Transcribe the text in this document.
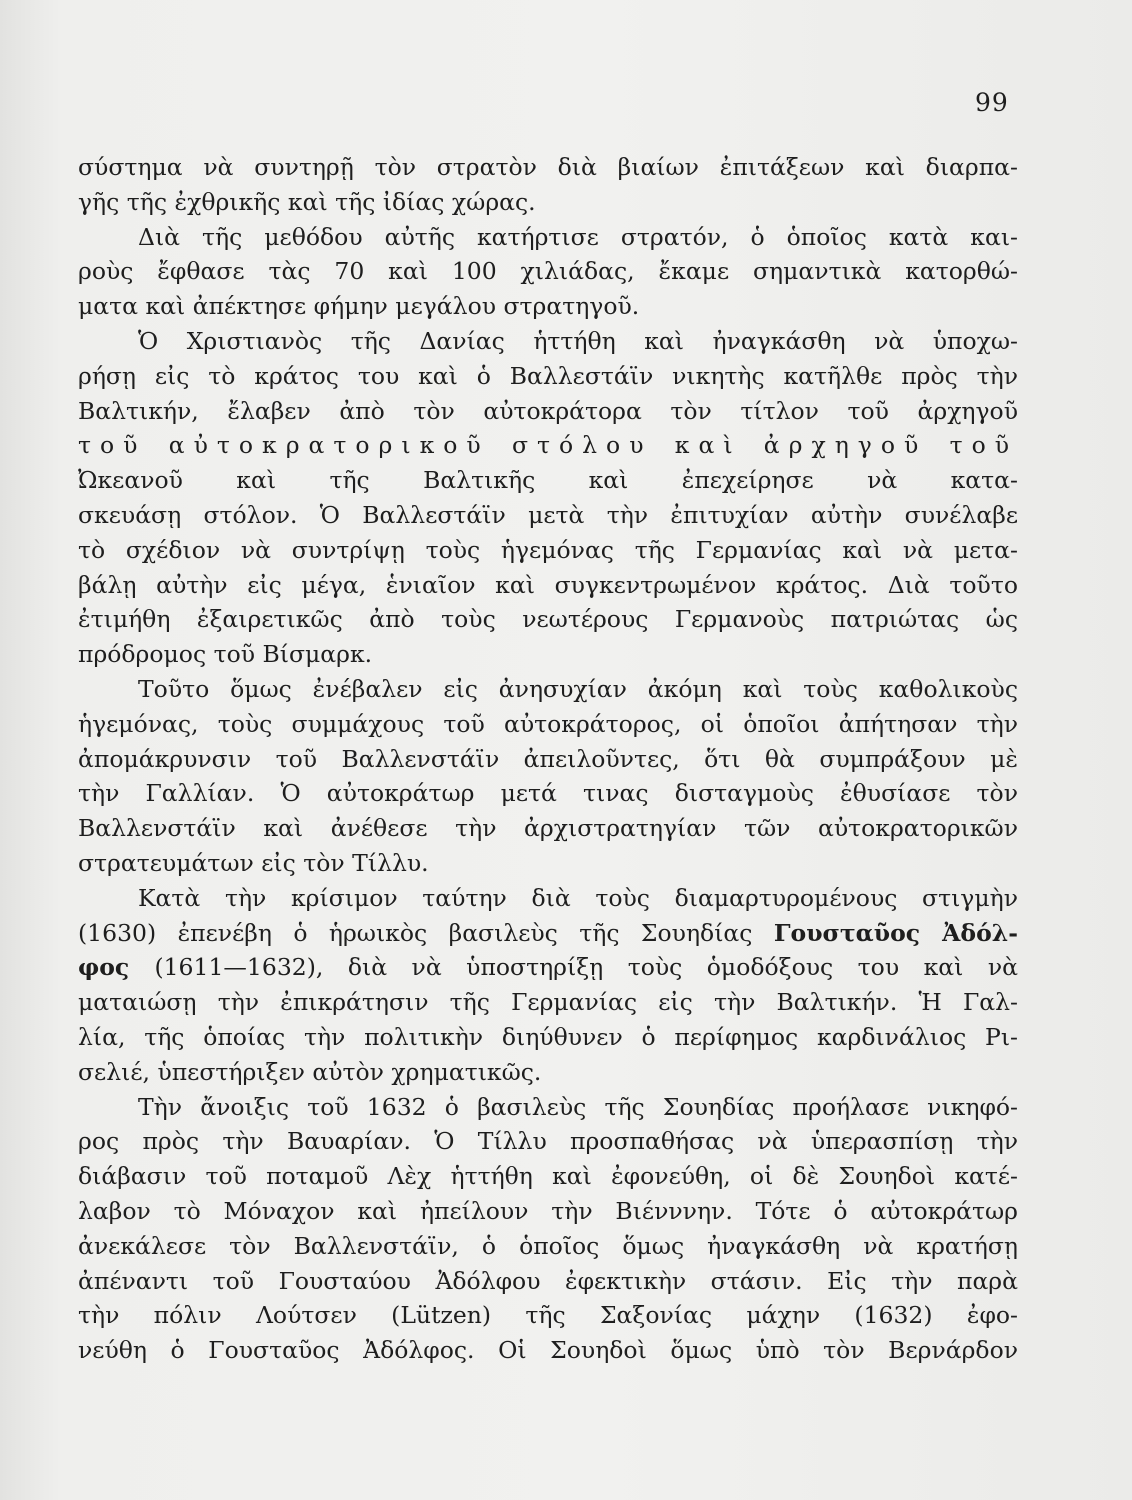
99
σύστημα νὰ συντηρῇ τὸν στρατὸν διὰ βιαίων ἐπιτάξεων καὶ διαρπα-
γῆς τῆς ἐχθρικῆς καὶ τῆς ἰδίας χώρας.
Διὰ τῆς μεθόδου αὐτῆς κατήρτισε στρατόν, ὁ ὁποῖος κατὰ και-
ροὺς ἔφθασε τὰς 70 καὶ 100 χιλιάδας, ἔκαμε σημαντικὰ κατορθώ-
ματα καὶ ἀπέκτησε φήμην μεγάλου στρατηγοῦ.
Ὁ Χριστιανὸς τῆς Δανίας ἡττήθη καὶ ἠναγκάσθη νὰ ὑποχω-
ρήσῃ εἰς τὸ κράτος του καὶ ὁ Βαλλεστάϊν νικητὴς κατῆλθε πρὸς τὴν
Βαλτικήν, ἔλαβεν ἀπὸ τὸν αὐτοκράτορα τὸν τίτλον τοῦ ἀρχηγοῦ
τοῦ αὐτοκρατορικοῦ στόλου καὶ ἀρχηγοῦ τοῦ
Ὠκεανοῦ καὶ τῆς Βαλτικῆς καὶ ἐπεχείρησε νὰ κατα-
σκευάσῃ στόλον. Ὁ Βαλλεστάϊν μετὰ τὴν ἐπιτυχίαν αὐτὴν συνέλαβε
τὸ σχέδιον νὰ συντρίψῃ τοὺς ἡγεμόνας τῆς Γερμανίας καὶ νὰ μετα-
βάλῃ αὐτὴν εἰς μέγα, ἑνιαῖον καὶ συγκεντρωμένον κράτος. Διὰ τοῦτο
ἐτιμήθη ἐξαιρετικῶς ἀπὸ τοὺς νεωτέρους Γερμανοὺς πατριώτας ὡς
πρόδρομος τοῦ Βίσμαρκ.
Τοῦτο ὅμως ἐνέβαλεν εἰς ἀνησυχίαν ἀκόμη καὶ τοὺς καθολικοὺς
ἡγεμόνας, τοὺς συμμάχους τοῦ αὐτοκράτορος, οἱ ὁποῖοι ἀπήτησαν τὴν
ἀπομάκρυνσιν τοῦ Βαλλενστάϊν ἀπειλοῦντες, ὅτι θὰ συμπράξουν μὲ
τὴν Γαλλίαν. Ὁ αὐτοκράτωρ μετά τινας δισταγμοὺς ἐθυσίασε τὸν
Βαλλενστάϊν καὶ ἀνέθεσε τὴν ἀρχιστρατηγίαν τῶν αὐτοκρατορικῶν
στρατευμάτων εἰς τὸν Τίλλυ.
Κατὰ τὴν κρίσιμον ταύτην διὰ τοὺς διαμαρτυρομένους στιγμὴν
(1630) ἐπενέβη ὁ ἡρωικὸς βασιλεὺς τῆς Σουηδίας Γουσταῦος Ἀδόλ-
φος (1611—1632), διὰ νὰ ὑποστηρίξῃ τοὺς ὁμοδόξους του καὶ νὰ
ματαιώσῃ τὴν ἐπικράτησιν τῆς Γερμανίας εἰς τὴν Βαλτικήν. Ἡ Γαλ-
λία, τῆς ὁποίας τὴν πολιτικὴν διηύθυνεν ὁ περίφημος καρδινάλιος Ρι-
σελιέ, ὑπεστήριξεν αὐτὸν χρηματικῶς.
Τὴν ἄνοιξις τοῦ 1632 ὁ βασιλεὺς τῆς Σουηδίας προήλασε νικηφό-
ρος πρὸς τὴν Βαυαρίαν. Ὁ Τίλλυ προσπαθήσας νὰ ὑπερασπίσῃ τὴν
διάβασιν τοῦ ποταμοῦ Λὲχ ἡττήθη καὶ ἐφονεύθη, οἱ δὲ Σουηδοὶ κατέ-
λαβον τὸ Μόναχον καὶ ἠπείλουν τὴν Βιένννην. Τότε ὁ αὐτοκράτωρ
ἀνεκάλεσε τὸν Βαλλενστάϊν, ὁ ὁποῖος ὅμως ἠναγκάσθη νὰ κρατήσῃ
ἀπέναντι τοῦ Γουσταύου Ἀδόλφου ἐφεκτικὴν στάσιν. Εἰς τὴν παρὰ
τὴν πόλιν Λούτσεν (Lützen) τῆς Σαξονίας μάχην (1632) ἐφο-
νεύθη ὁ Γουσταῦος Ἀδόλφος. Οἱ Σουηδοὶ ὅμως ὑπὸ τὸν Βερνάρδον
